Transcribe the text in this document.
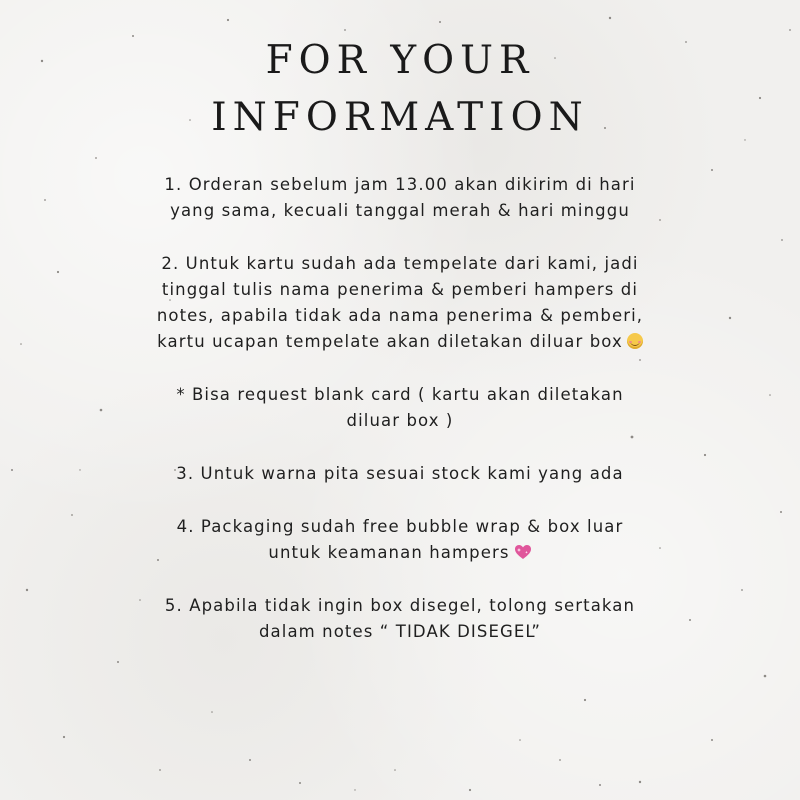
FOR YOUR
INFORMATION

1. Orderan sebelum jam 13.00 akan dikirim di hari yang sama, kecuali tanggal merah & hari minggu

2. Untuk kartu sudah ada tempelate dari kami, jadi tinggal tulis nama penerima & pemberi hampers di notes, apabila tidak ada nama penerima & pemberi, kartu ucapan tempelate akan diletakan diluar box

* Bisa request blank card ( kartu akan diletakan diluar box )

3. Untuk warna pita sesuai stock kami yang ada

4. Packaging sudah free bubble wrap & box luar untuk keamanan hampers

5. Apabila tidak ingin box disegel, tolong sertakan dalam notes “ TIDAK DISEGEL”
